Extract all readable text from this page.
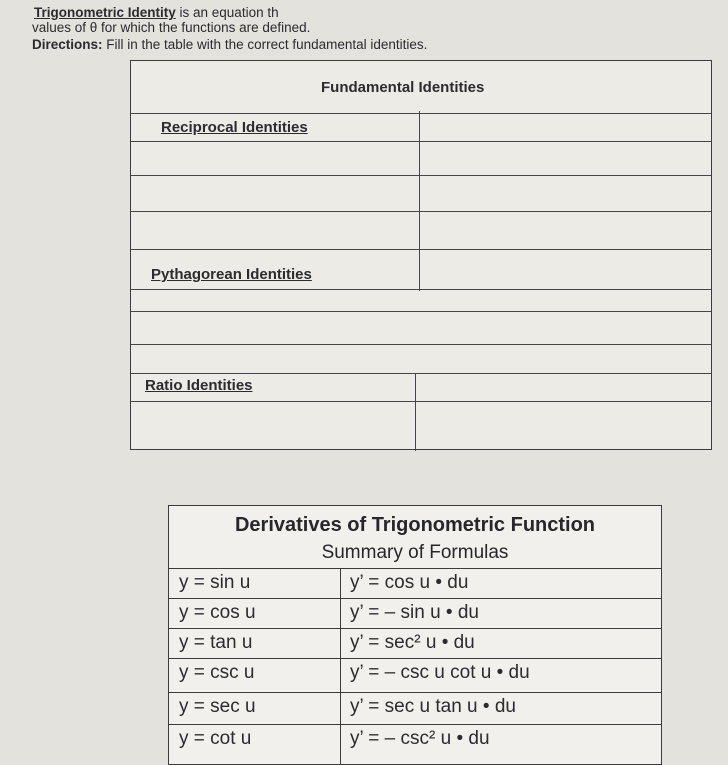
Trigonometric Identity is an equation th
values of θ for which the functions are defined.
Directions: Fill in the table with the correct fundamental identities.
Fundamental Identities
Reciprocal Identities
Pythagorean Identities
Ratio Identities
Derivatives of Trigonometric Function
Summary of Formulas
y = sin u	y’ = cos u • du
y = cos u	y’ = – sin u • du
y = tan u	y’ = sec² u • du
y = csc u	y’ = – csc u cot u • du
y = sec u	y’ = sec u tan u • du
y = cot u	y’ = – csc² u • du
